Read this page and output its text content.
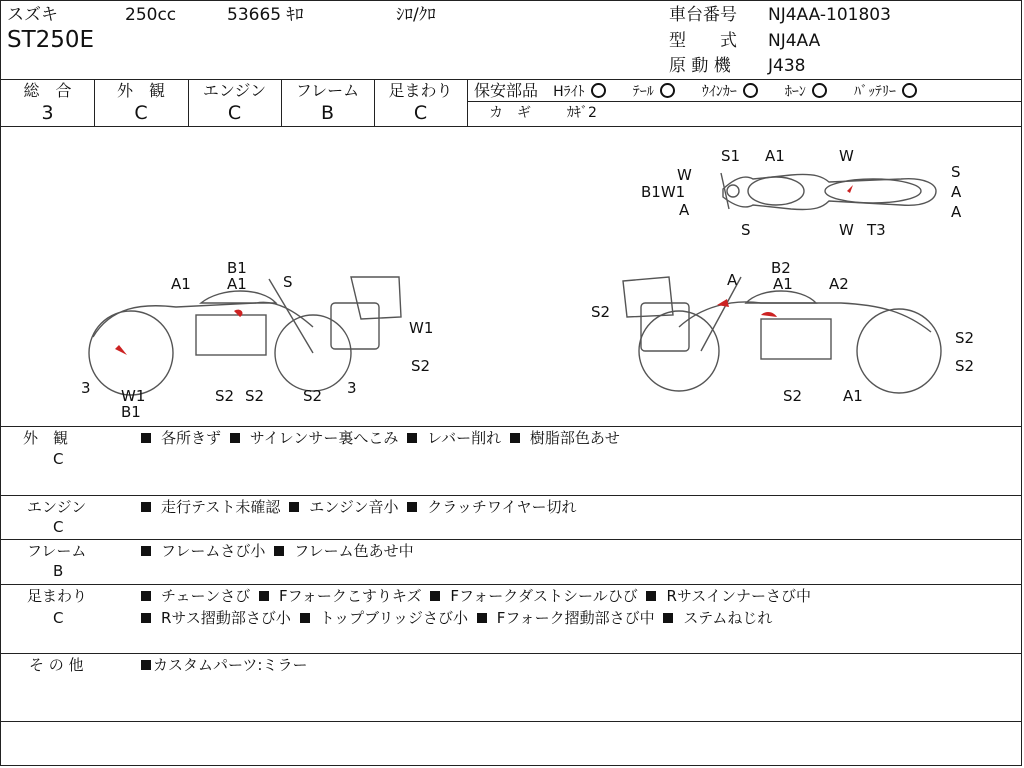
スズキ	250cc	53665 ｷﾛ	ｼﾛ/ｸﾛ
ST250E
車台番号 NJ4AA-101803
型　　式 NJ4AA
原 動 機 J438
総　合
3
外　観
C
エンジン
C
フレーム
B
足まわり
C
保安部品 Hﾗｲﾄ	ﾃｰﾙ	ｳｲﾝｶｰ	ﾎｰﾝ	ﾊﾞｯﾃﾘｰ
カ　ギ	ｶｷﾞ2
W
S1 A1	W
S
B1W1	A
A
S	W T3
A
B1
A1 S
A1
W1
3 W1
B1
S2 S2	S2 3
S2
A
B2
A1 A2
S2
S2
S2
S2	A1
外　観
C
各所きず サイレンサー裏へこみ レバー削れ 樹脂部色あせ
エンジン
C
走行テスト未確認 エンジン音小 クラッチワイヤー切れ
フレーム
B
フレームさび小 フレーム色あせ中
足まわり
C
チェーンさび Fフォークこすりキズ Fフォークダストシールひび Rサスインナーさび中
Rサス摺動部さび小 トップブリッジさび小 Fフォーク摺動部さび中 ステムねじれ
そ の 他	カスタムパーツ:ミラー
